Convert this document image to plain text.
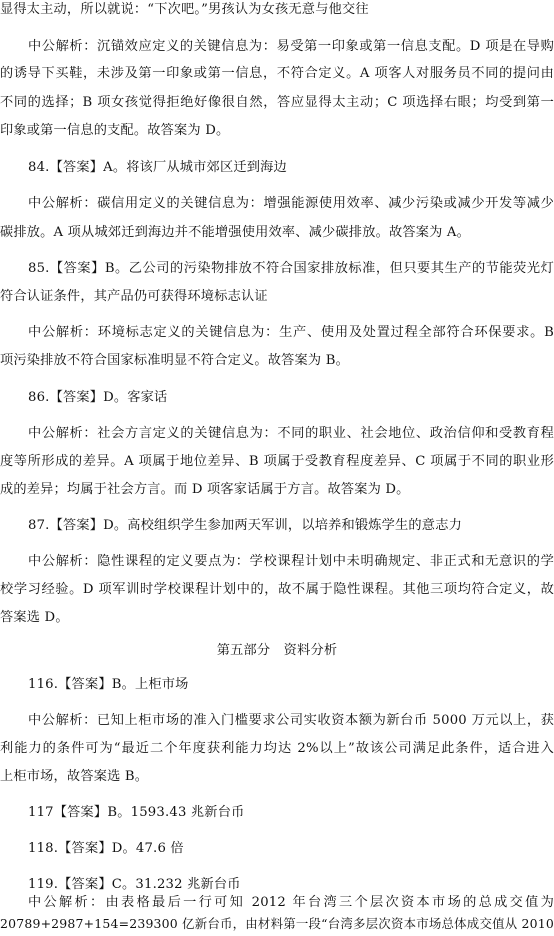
显得太主动，所以就说：“下次吧。”男孩认为女孩无意与他交往
中公解析：沉锚效应定义的关键信息为：易受第一印象或第一信息支配。D 项是在导购
的诱导下买鞋，未涉及第一印象或第一信息，不符合定义。A 项客人对服务员不同的提问由
不同的选择；B 项女孩觉得拒绝好像很自然，答应显得太主动；C 项选择右眼；均受到第一
印象或第一信息的支配。故答案为 D。
84.【答案】A。将该厂从城市郊区迁到海边
中公解析：碳信用定义的关键信息为：增强能源使用效率、减少污染或减少开发等减少
碳排放。A 项从城郊迁到海边并不能增强使用效率、减少碳排放。故答案为 A。
85.【答案】B。乙公司的污染物排放不符合国家排放标准，但只要其生产的节能荧光灯
符合认证条件，其产品仍可获得环境标志认证
中公解析：环境标志定义的关键信息为：生产、使用及处置过程全部符合环保要求。B
项污染排放不符合国家标准明显不符合定义。故答案为 B。
86.【答案】D。客家话
中公解析：社会方言定义的关键信息为：不同的职业、社会地位、政治信仰和受教育程
度等所形成的差异。A 项属于地位差异、B 项属于受教育程度差异、C 项属于不同的职业形
成的差异；均属于社会方言。而 D 项客家话属于方言。故答案为 D。
87.【答案】D。高校组织学生参加两天军训，以培养和锻炼学生的意志力
中公解析：隐性课程的定义要点为：学校课程计划中未明确规定、非正式和无意识的学
校学习经验。D 项军训时学校课程计划中的，故不属于隐性课程。其他三项均符合定义，故
答案选 D。
第五部分　资料分析
116.【答案】B。上柜市场
中公解析：已知上柜市场的准入门槛要求公司实收资本额为新台币 5000 万元以上，获
利能力的条件可为“最近二个年度获利能力均达 2%以上”故该公司满足此条件，适合进入
上柜市场，故答案选 B。
117【答案】B。1593.43 兆新台币
118.【答案】D。47.6 倍
119.【答案】C。31.232 兆新台币
中公解析：由表格最后一行可知 2012 年台湾三个层次资本市场的总成交值为
20789+2987+154=239300 亿新台币，由材料第一段“台湾多层次资本市场总体成交值从 2010
